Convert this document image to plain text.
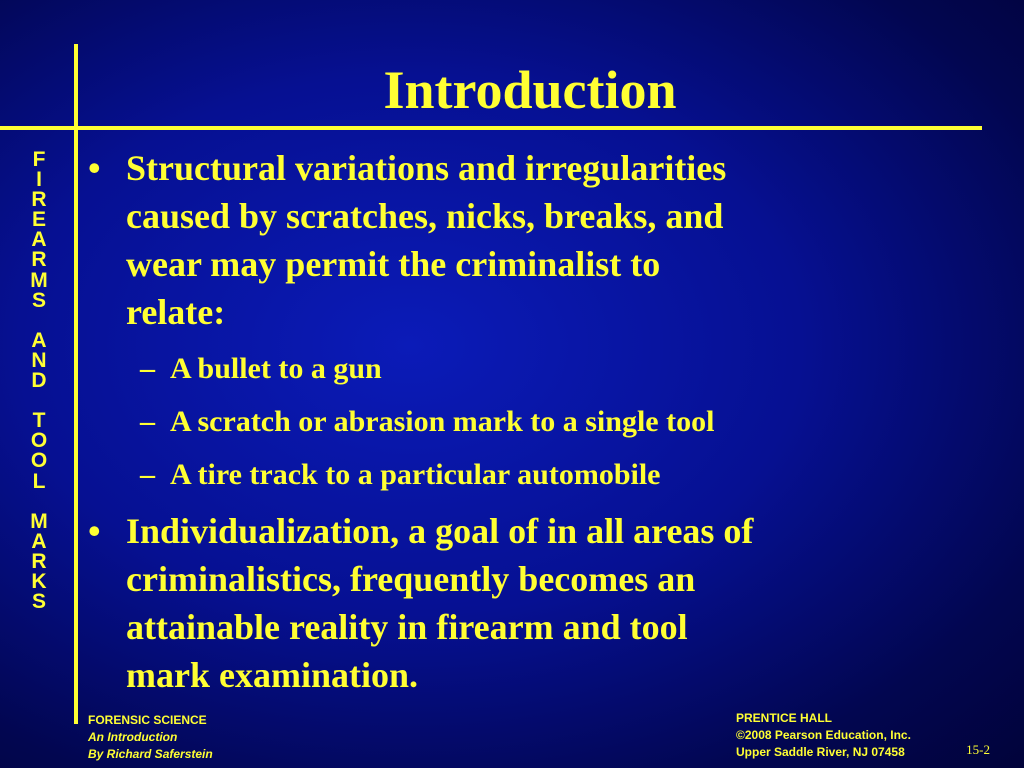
Introduction
F
I
R
E
A
R
M
S

A
N
D

T
O
O
L

M
A
R
K
S
• Structural variations and irregularities
caused by scratches, nicks, breaks, and
wear may permit the criminalist to
relate:
– A bullet to a gun
– A scratch or abrasion mark to a single tool
– A tire track to a particular automobile
• Individualization, a goal of in all areas of
criminalistics, frequently becomes an
attainable reality in firearm and tool
mark examination.
FORENSIC SCIENCE
An Introduction
By Richard Saferstein
PRENTICE HALL
©2008 Pearson Education, Inc.
Upper Saddle River, NJ 07458	15-2
